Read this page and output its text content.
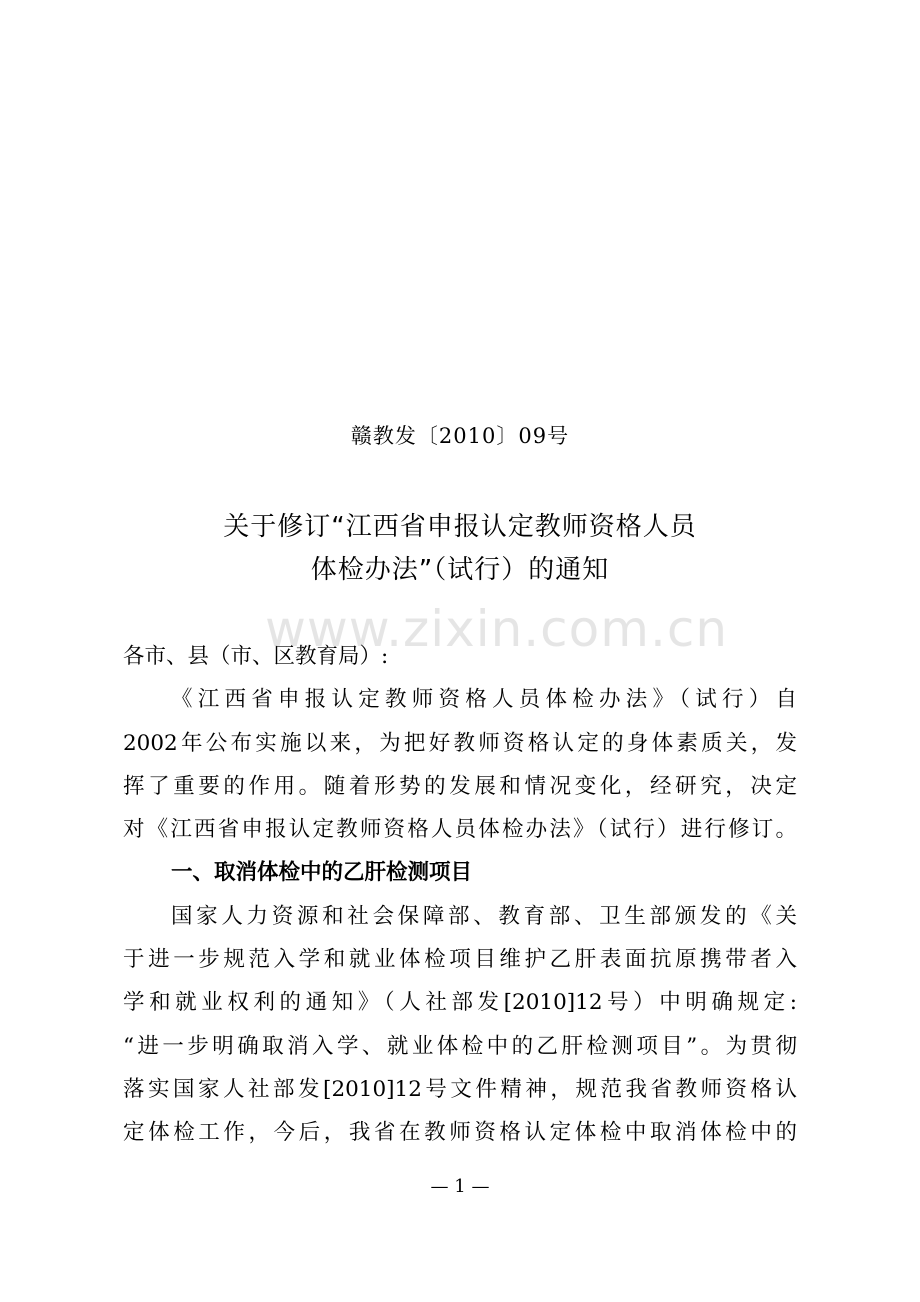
赣教发〔2010〕09号
关于修订“江西省申报认定教师资格人员
体检办法”（试行）的通知
www.zixin.com.cn

各市、县（市、区教育局）:

《江西省申报认定教师资格人员体检办法》（试行）自
2002年公布实施以来，为把好教师资格认定的身体素质关，发
挥了重要的作用。随着形势的发展和情况变化，经研究，决定
对《江西省申报认定教师资格人员体检办法》（试行）进行修订。

一、取消体检中的乙肝检测项目

国家人力资源和社会保障部、教育部、卫生部颁发的《关
于进一步规范入学和就业体检项目维护乙肝表面抗原携带者入
学和就业权利的通知》（人社部发[2010]12号）中明确规定:
“进一步明确取消入学、就业体检中的乙肝检测项目”。为贯彻
落实国家人社部发[2010]12号文件精神，规范我省教师资格认
定体检工作，今后，我省在教师资格认定体检中取消体检中的

— 1 —
